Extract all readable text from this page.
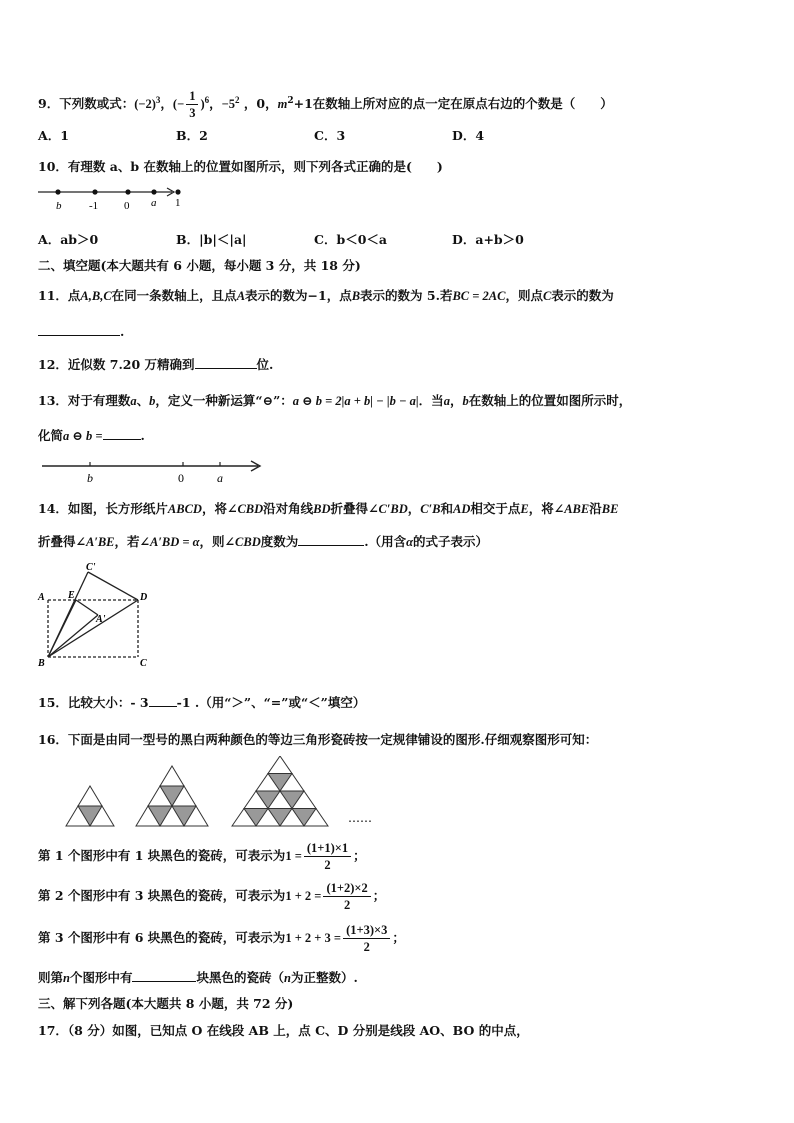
9．下列数或式：$(-2)^3$，(− $\frac{1}{3} )^6$，$-5^2$ ，0，$m^2+1$在数轴上所对应的点一定在原点右边的个数是（　　）
A．1	B．2	C．3	D．4
10．有理数 a、b 在数轴上的位置如图所示，则下列各式正确的是(　　)
b	-1 0 a 1
A．ab＞0	B．|b|＜|a|	C．b＜0＜a	D．a+b＞0
二、填空题(本大题共有 6 小题，每小题 3 分，共 18 分)
11．点A,B,C在同一条数轴上，且点A表示的数为−1，点B表示的数为 5.若BC = 2AC，则点C表示的数为
.
12．近似数 7.20 万精确到	位.
13．对于有理数a、b，定义一种新运算“⊖”：a ⊖ b = 2|a + b| − |b − a|．当a，b在数轴上的位置如图所示时，
化简a ⊖ b =	.
b	0	a
14．如图，长方形纸片ABCD，将∠CBD沿对角线BD折叠得∠C′BD，C′B和AD相交于点E，将∠ABE沿BE
折叠得∠A′BE，若∠A′BD = α，则∠CBD度数为	.（用含α的式子表示）
C'
A E	D
A'
B	C
15．比较大小：- 3 -1 .（用“＞”、“=”或“＜”填空）
16．下面是由同一型号的黑白两种颜色的等边三角形瓷砖按一定规律铺设的图形.仔细观察图形可知：
……
第 1 个图形中有 1 块黑色的瓷砖，可表示为$1 = \frac{(1+1)\times 1}{2}$ ；
第 2 个图形中有 3 块黑色的瓷砖，可表示为$1 + 2 = \frac{(1+2)\times 2}{2}$ ；
第 3 个图形中有 6 块黑色的瓷砖，可表示为$1 + 2 + 3 = \frac{(1+3)\times 3}{2}$ ；
则第n个图形中有	块黑色的瓷砖（n为正整数）.
三、解下列各题(本大题共 8 小题，共 72 分)
17．（8 分）如图，已知点 O 在线段 AB 上，点 C、D 分别是线段 AO、BO 的中点，
